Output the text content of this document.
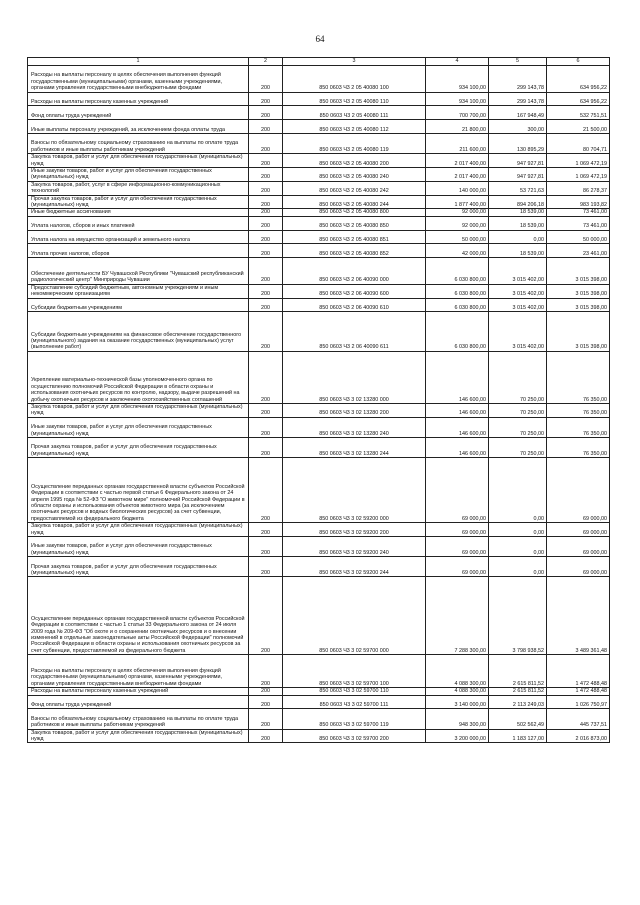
64
1	2	3	4	5	6
Расходы на выплаты персоналу в целях обеспечения выполнения функций государственными (муниципальными) органами, казенными учреждениями, органами управления государственными внебюджетными фондами	200	850 0603 Ч3 2 05 40080 100	934 100,00	299 143,78	634 956,22
Расходы на выплаты персоналу казенных учреждений	200	850 0603 Ч3 2 05 40080 110	934 100,00	299 143,78	634 956,22
Фонд оплаты труда учреждений	200	850 0603 Ч3 2 05 40080 111	700 700,00	167 948,49	532 751,51
Иные выплаты персоналу учреждений, за исключением фонда оплаты труда	200	850 0603 Ч3 2 05 40080 112	21 800,00	300,00	21 500,00
Взносы по обязательному социальному страхованию на выплаты по оплате труда работников и иные выплаты работникам учреждений	200	850 0603 Ч3 2 05 40080 119	211 600,00	130 895,29	80 704,71
Закупка товаров, работ и услуг для обеспечения государственных (муниципальных) нужд	200	850 0603 Ч3 2 05 40080 200	2 017 400,00	947 927,81	1 069 472,19
Иные закупки товаров, работ и услуг для обеспечения государственных (муниципальных) нужд	200	850 0603 Ч3 2 05 40080 240	2 017 400,00	947 927,81	1 069 472,19
Закупка товаров, работ, услуг в сфере информационно-коммуникационных технологий	200	850 0603 Ч3 2 05 40080 242	140 000,00	53 721,63	86 278,37
Прочая закупка товаров, работ и услуг для обеспечения государственных (муниципальных) нужд	200	850 0603 Ч3 2 05 40080 244	1 877 400,00	894 206,18	983 193,82
Иные бюджетные ассигнования	200	850 0603 Ч3 2 05 40080 800	92 000,00	18 539,00	73 461,00
Уплата налогов, сборов и иных платежей	200	850 0603 Ч3 2 05 40080 850	92 000,00	18 539,00	73 461,00
Уплата налога на имущество организаций и земельного налога	200	850 0603 Ч3 2 05 40080 851	50 000,00	0,00	50 000,00
Уплата прочих налогов, сборов	200	850 0603 Ч3 2 05 40080 852	42 000,00	18 539,00	23 461,00
Обеспечение деятельности БУ Чувашской Республики "Чувашский республиканский радиологический центр" Минприроды Чувашии	200	850 0603 Ч3 2 06 40090 000	6 030 800,00	3 015 402,00	3 015 398,00
Предоставление субсидий бюджетным, автономным учреждениям и иным некоммерческим организациям	200	850 0603 Ч3 2 06 40090 600	6 030 800,00	3 015 402,00	3 015 398,00
Субсидии бюджетным учреждениям	200	850 0603 Ч3 2 06 40090 610	6 030 800,00	3 015 402,00	3 015 398,00
Субсидии бюджетным учреждениям на финансовое обеспечение государственного (муниципального) задания на оказание государственных (муниципальных) услуг (выполнение работ)	200	850 0603 Ч3 2 06 40090 611	6 030 800,00	3 015 402,00	3 015 398,00
Укрепление материально-технической базы уполномоченного органа по осуществлению полномочий Российской Федерации в области охраны и использования охотничьих ресурсов по контролю, надзору, выдаче разрешений на добычу охотничьих ресурсов и заключению охотхозяйственных соглашений	200	850 0603 Ч3 3 02 13280 000	146 600,00	70 250,00	76 350,00
Закупка товаров, работ и услуг для обеспечения государственных (муниципальных) нужд	200	850 0603 Ч3 3 02 13280 200	146 600,00	70 250,00	76 350,00
Иные закупки товаров, работ и услуг для обеспечения государственных (муниципальных) нужд	200	850 0603 Ч3 3 02 13280 240	146 600,00	70 250,00	76 350,00
Прочая закупка товаров, работ и услуг для обеспечения государственных (муниципальных) нужд	200	850 0603 Ч3 3 02 13280 244	146 600,00	70 250,00	76 350,00
Осуществление переданных органам государственной власти субъектов Российской Федерации в соответствии с частью первой статьи 6 Федерального закона от 24 апреля 1995 года № 52-ФЗ "О животном мире" полномочий Российской Федерации в области охраны и использования объектов животного мира (за исключением охотничьих ресурсов и водных биологических ресурсов) за счет субвенции, предоставляемой из федерального бюджета	200	850 0603 Ч3 3 02 59200 000	69 000,00	0,00	69 000,00
Закупка товаров, работ и услуг для обеспечения государственных (муниципальных) нужд	200	850 0603 Ч3 3 02 59200 200	69 000,00	0,00	69 000,00
Иные закупки товаров, работ и услуг для обеспечения государственных (муниципальных) нужд	200	850 0603 Ч3 3 02 59200 240	69 000,00	0,00	69 000,00
Прочая закупка товаров, работ и услуг для обеспечения государственных (муниципальных) нужд	200	850 0603 Ч3 3 02 59200 244	69 000,00	0,00	69 000,00
Осуществление переданных органам государственной власти субъектов Российской Федерации в соответствии с частью 1 статьи 33 Федерального закона от 24 июля 2009 года № 209-ФЗ "Об охоте и о сохранении охотничьих ресурсов и о внесении изменений в отдельные законодательные акты Российской Федерации" полномочий Российской Федерации в области охраны и использования охотничьих ресурсов за счет субвенции, предоставляемой из федерального бюджета	200	850 0603 Ч3 3 02 59700 000	7 288 300,00	3 798 938,52	3 489 361,48
Расходы на выплаты персоналу в целях обеспечения выполнения функций государственными (муниципальными) органами, казенными учреждениями, органами управления государственными внебюджетными фондами	200	850 0603 Ч3 3 02 59700 100	4 088 300,00	2 615 811,52	1 472 488,48
Расходы на выплаты персоналу казенных учреждений	200	850 0603 Ч3 3 02 59700 110	4 088 300,00	2 615 811,52	1 472 488,48
Фонд оплаты труда учреждений	200	850 0603 Ч3 3 02 59700 111	3 140 000,00	2 113 249,03	1 026 750,97
Взносы по обязательному социальному страхованию на выплаты по оплате труда работников и иные выплаты работникам учреждений	200	850 0603 Ч3 3 02 59700 119	948 300,00	502 562,49	445 737,51
Закупка товаров, работ и услуг для обеспечения государственных (муниципальных) нужд	200	850 0603 Ч3 3 02 59700 200	3 200 000,00	1 183 127,00	2 016 873,00
